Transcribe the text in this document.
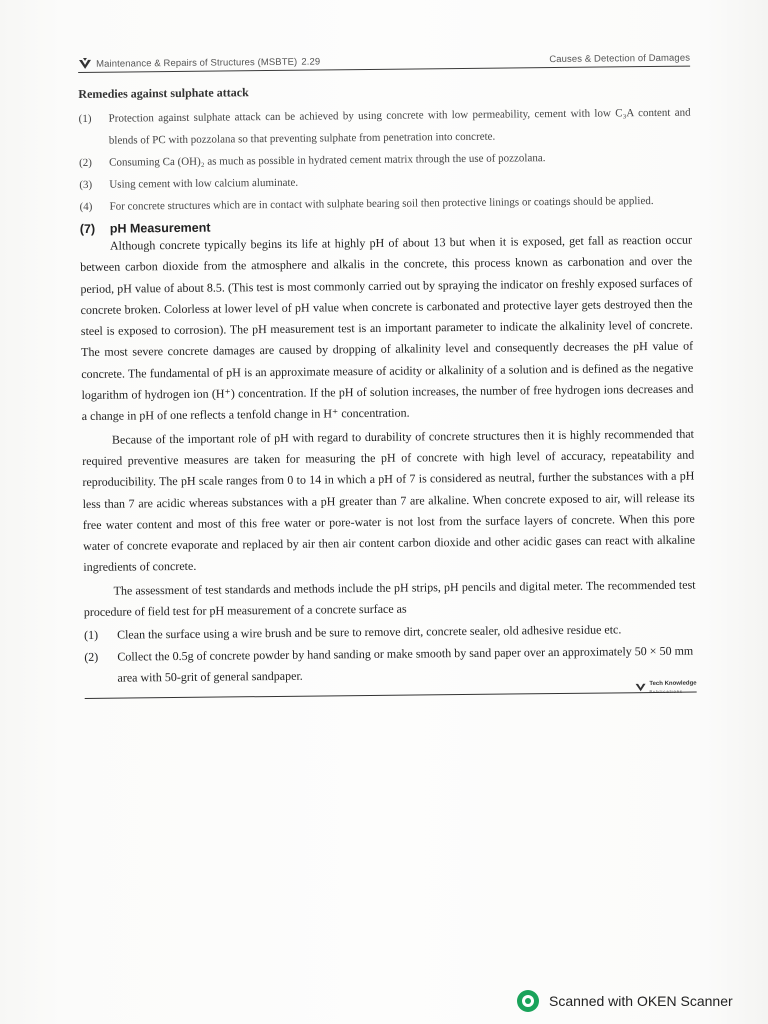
Maintenance & Repairs of Structures (MSBTE) 2.29	Causes & Detection of Damages
Remedies against sulphate attack
(1)	Protection against sulphate attack can be achieved by using concrete with low permeability, cement with low C₃A content and blends of PC with pozzolana so that preventing sulphate from penetration into concrete.
(2)	Consuming Ca (OH)₂ as much as possible in hydrated cement matrix through the use of pozzolana.
(3)	Using cement with low calcium aluminate.
(4)	For concrete structures which are in contact with sulphate bearing soil then protective linings or coatings should be applied.
(7)	pH Measurement

Although concrete typically begins its life at highly pH of about 13 but when it is exposed, get fall as reaction occur between carbon dioxide from the atmosphere and alkalis in the concrete, this process known as carbonation and over the period, pH value of about 8.5. (This test is most commonly carried out by spraying the indicator on freshly exposed surfaces of concrete broken. Colorless at lower level of pH value when concrete is carbonated and protective layer gets destroyed then the steel is exposed to corrosion). The pH measurement test is an important parameter to indicate the alkalinity level of concrete. The most severe concrete damages are caused by dropping of alkalinity level and consequently decreases the pH value of concrete. The fundamental of pH is an approximate measure of acidity or alkalinity of a solution and is defined as the negative logarithm of hydrogen ion (H⁺) concentration. If the pH of solution increases, the number of free hydrogen ions decreases and a change in pH of one reflects a tenfold change in H⁺ concentration.

Because of the important role of pH with regard to durability of concrete structures then it is highly recommended that required preventive measures are taken for measuring the pH of concrete with high level of accuracy, repeatability and reproducibility. The pH scale ranges from 0 to 14 in which a pH of 7 is considered as neutral, further the substances with a pH less than 7 are acidic whereas substances with a pH greater than 7 are alkaline. When concrete exposed to air, will release its free water content and most of this free water or pore-water is not lost from the surface layers of concrete. When this pore water of concrete evaporate and replaced by air then air content carbon dioxide and other acidic gases can react with alkaline ingredients of concrete.

The assessment of test standards and methods include the pH strips, pH pencils and digital meter. The recommended test procedure of field test for pH measurement of a concrete surface as

(1)	Clean the surface using a wire brush and be sure to remove dirt, concrete sealer, old adhesive residue etc.
(2)	Collect the 0.5g of concrete powder by hand sanding or make smooth by sand paper over an approximately 50 × 50 mm area with 50-grit of general sandpaper.	Tech Knowledge
Publications
Scanned with OKEN Scanner
